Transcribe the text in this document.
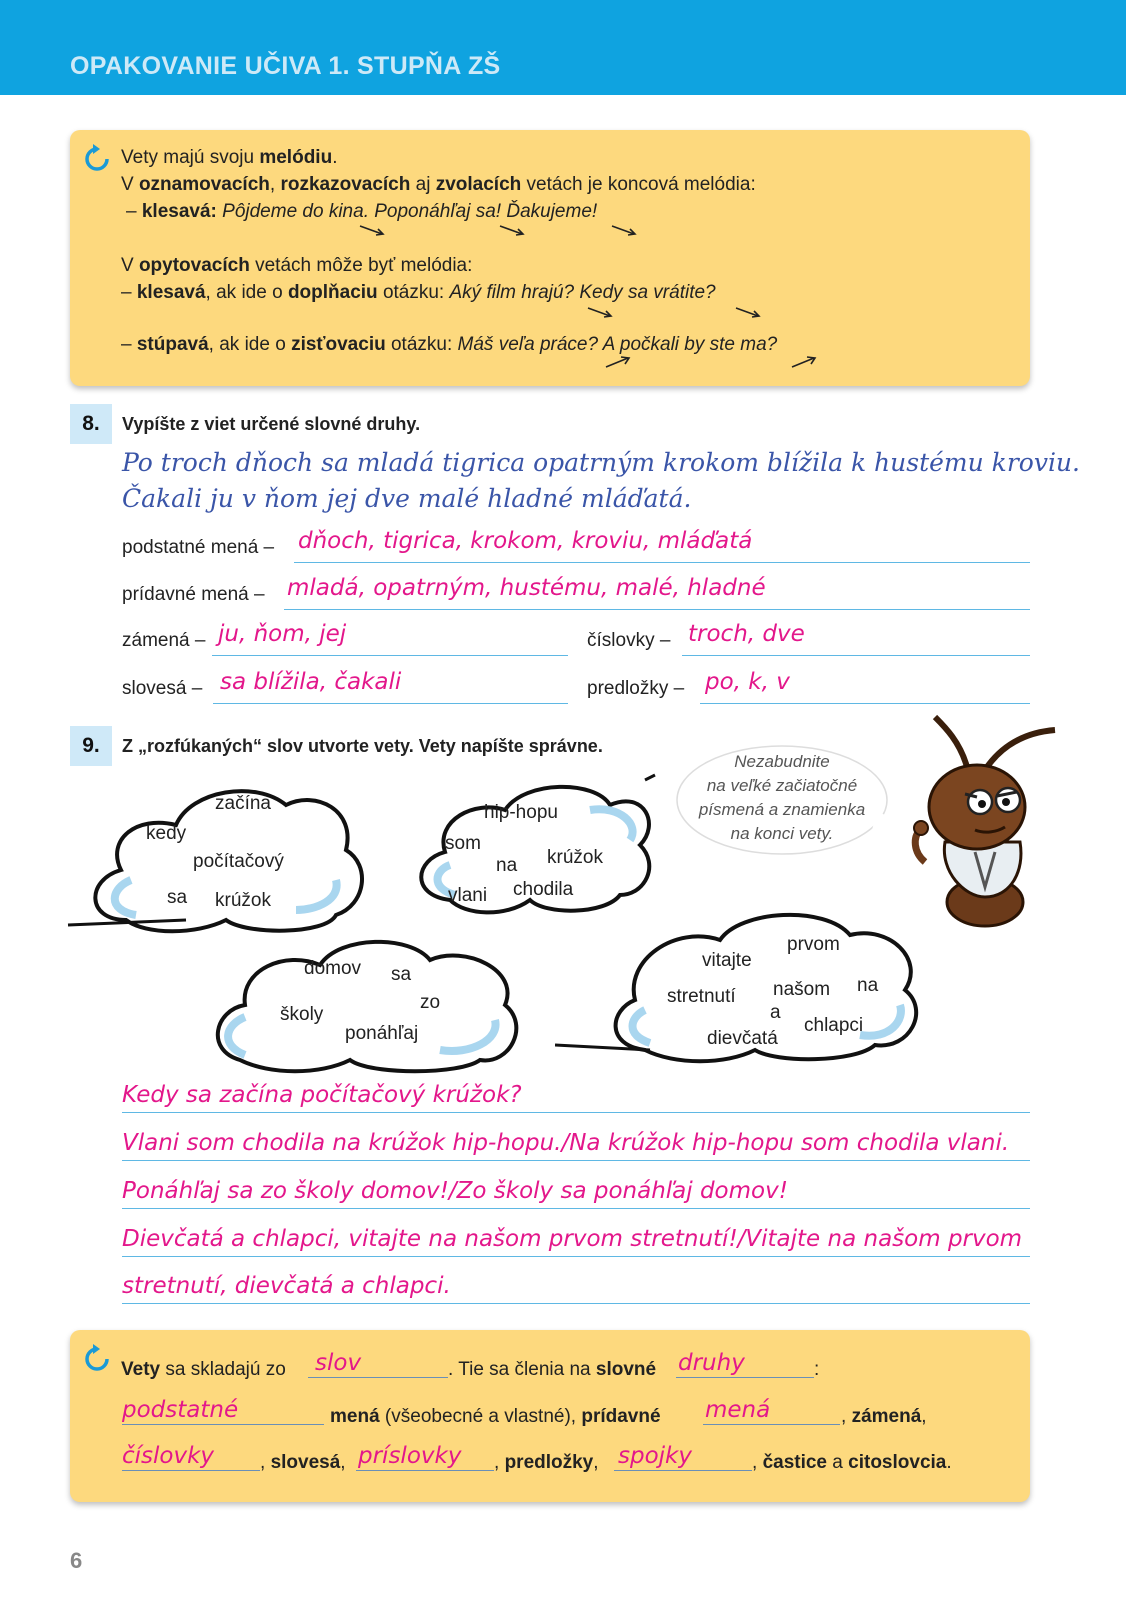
OPAKOVANIE UČIVA 1. STUPŇA ZŠ
Vety majú svoju melódiu.
V oznamovacích, rozkazovacích aj zvolacích vetách je koncová melódia:
– klesavá: Pôjdeme do kina. Poponáhľaj sa! Ďakujeme!
V opytovacích vetách môže byť melódia:
– klesavá, ak ide o doplňaciu otázku: Aký film hrajú? Kedy sa vrátite?
– stúpavá, ak ide o zisťovaciu otázku: Máš veľa práce? A počkali by ste ma?
8.	Vypíšte z viet určené slovné druhy.
Po troch dňoch sa mladá tigrica opatrným krokom blížila k hustému kroviu.
Čakali ju v ňom jej dve malé hladné mláďatá.
podstatné mená – dňoch, tigrica, krokom, kroviu, mláďatá
prídavné mená – mladá, opatrným, hustému, malé, hladné
zámená – ju, ňom, jej	číslovky – troch, dve
slovesá – sa blížila, čakali	predložky – po, k, v
9.	Z „rozfúkaných“ slov utvorte vety. Vety napíšte správne.
začína
kedy
počítačový
sa krúžok
hip-hopu
som
na krúžok
vlani chodila
domov sa
zo
školy
ponáhľaj
prvom
vitajte
stretnutí našom na
a
chlapci
dievčatá
Nezabudnite
na veľké začiatočné
písmená a znamienka
na konci vety.
Kedy sa začína počítačový krúžok?
Vlani som chodila na krúžok hip-hopu./Na krúžok hip-hopu som chodila vlani.
Ponáhľaj sa zo školy domov!/Zo školy sa ponáhľaj domov!
Dievčatá a chlapci, vitajte na našom prvom stretnutí!/Vitajte na našom prvom
stretnutí, dievčatá a chlapci.
Vety sa skladajú zo slov	. Tie sa členia na slovné druhy	:
podstatné	mená (všeobecné a vlastné), prídavné mená	, zámená,
číslovky , slovesá, príslovky , predložky, spojky	, častice a citoslovcia.
6
